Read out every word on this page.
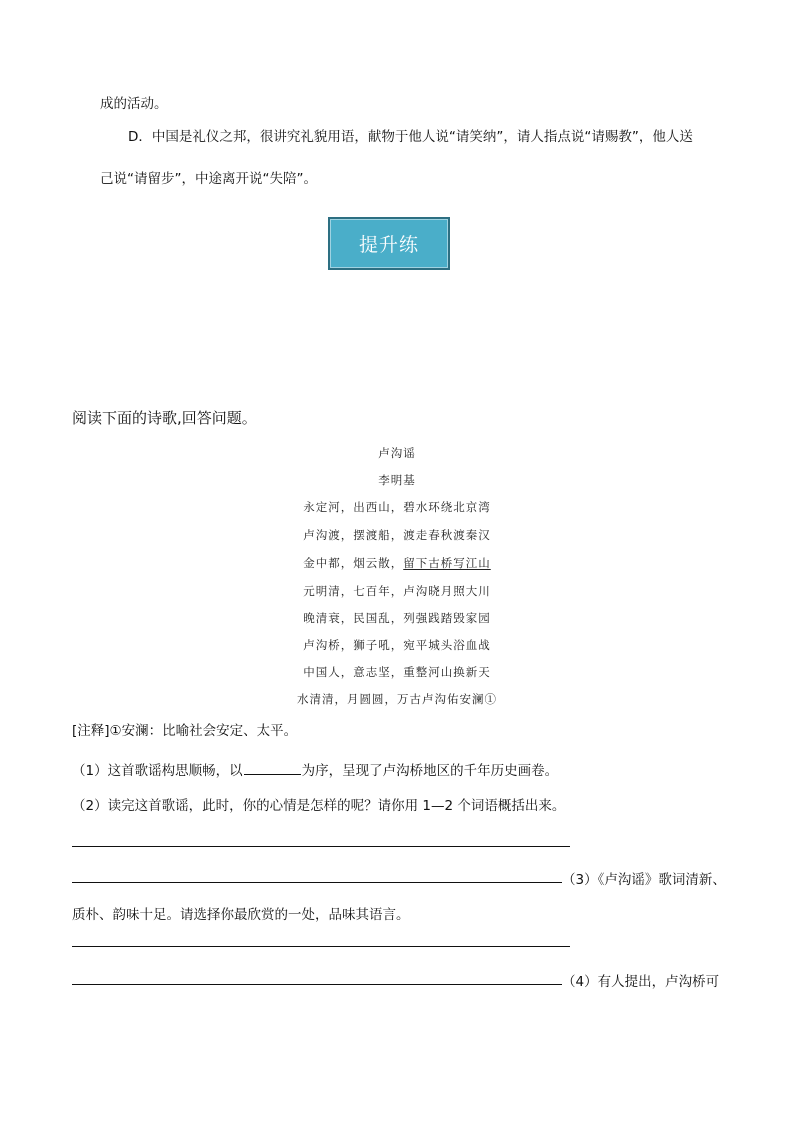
成的活动。
D．中国是礼仪之邦，很讲究礼貌用语，献物于他人说“请笑纳”，请人指点说“请赐教”，他人送
己说“请留步”，中途离开说“失陪”。
提升练
阅读下面的诗歌,回答问题。
卢沟谣
李明基
永定河，出西山，碧水环绕北京湾
卢沟渡，摆渡船，渡走春秋渡秦汉
金中都，烟云散，留下古桥写江山
元明清，七百年，卢沟晓月照大川
晚清衰，民国乱，列强践踏毁家园
卢沟桥，狮子吼，宛平城头浴血战
中国人，意志坚，重整河山换新天
水清清，月圆圆，万古卢沟佑安澜①
[注释]①安澜：比喻社会安定、太平。
（1）这首歌谣构思顺畅，以	为序，呈现了卢沟桥地区的千年历史画卷。
（2）读完这首歌谣，此时，你的心情是怎样的呢？请你用 1—2 个词语概括出来。
（3）《卢沟谣》歌词清新、
质朴、韵味十足。请选择你最欣赏的一处，品味其语言。
（4）有人提出，卢沟桥可
